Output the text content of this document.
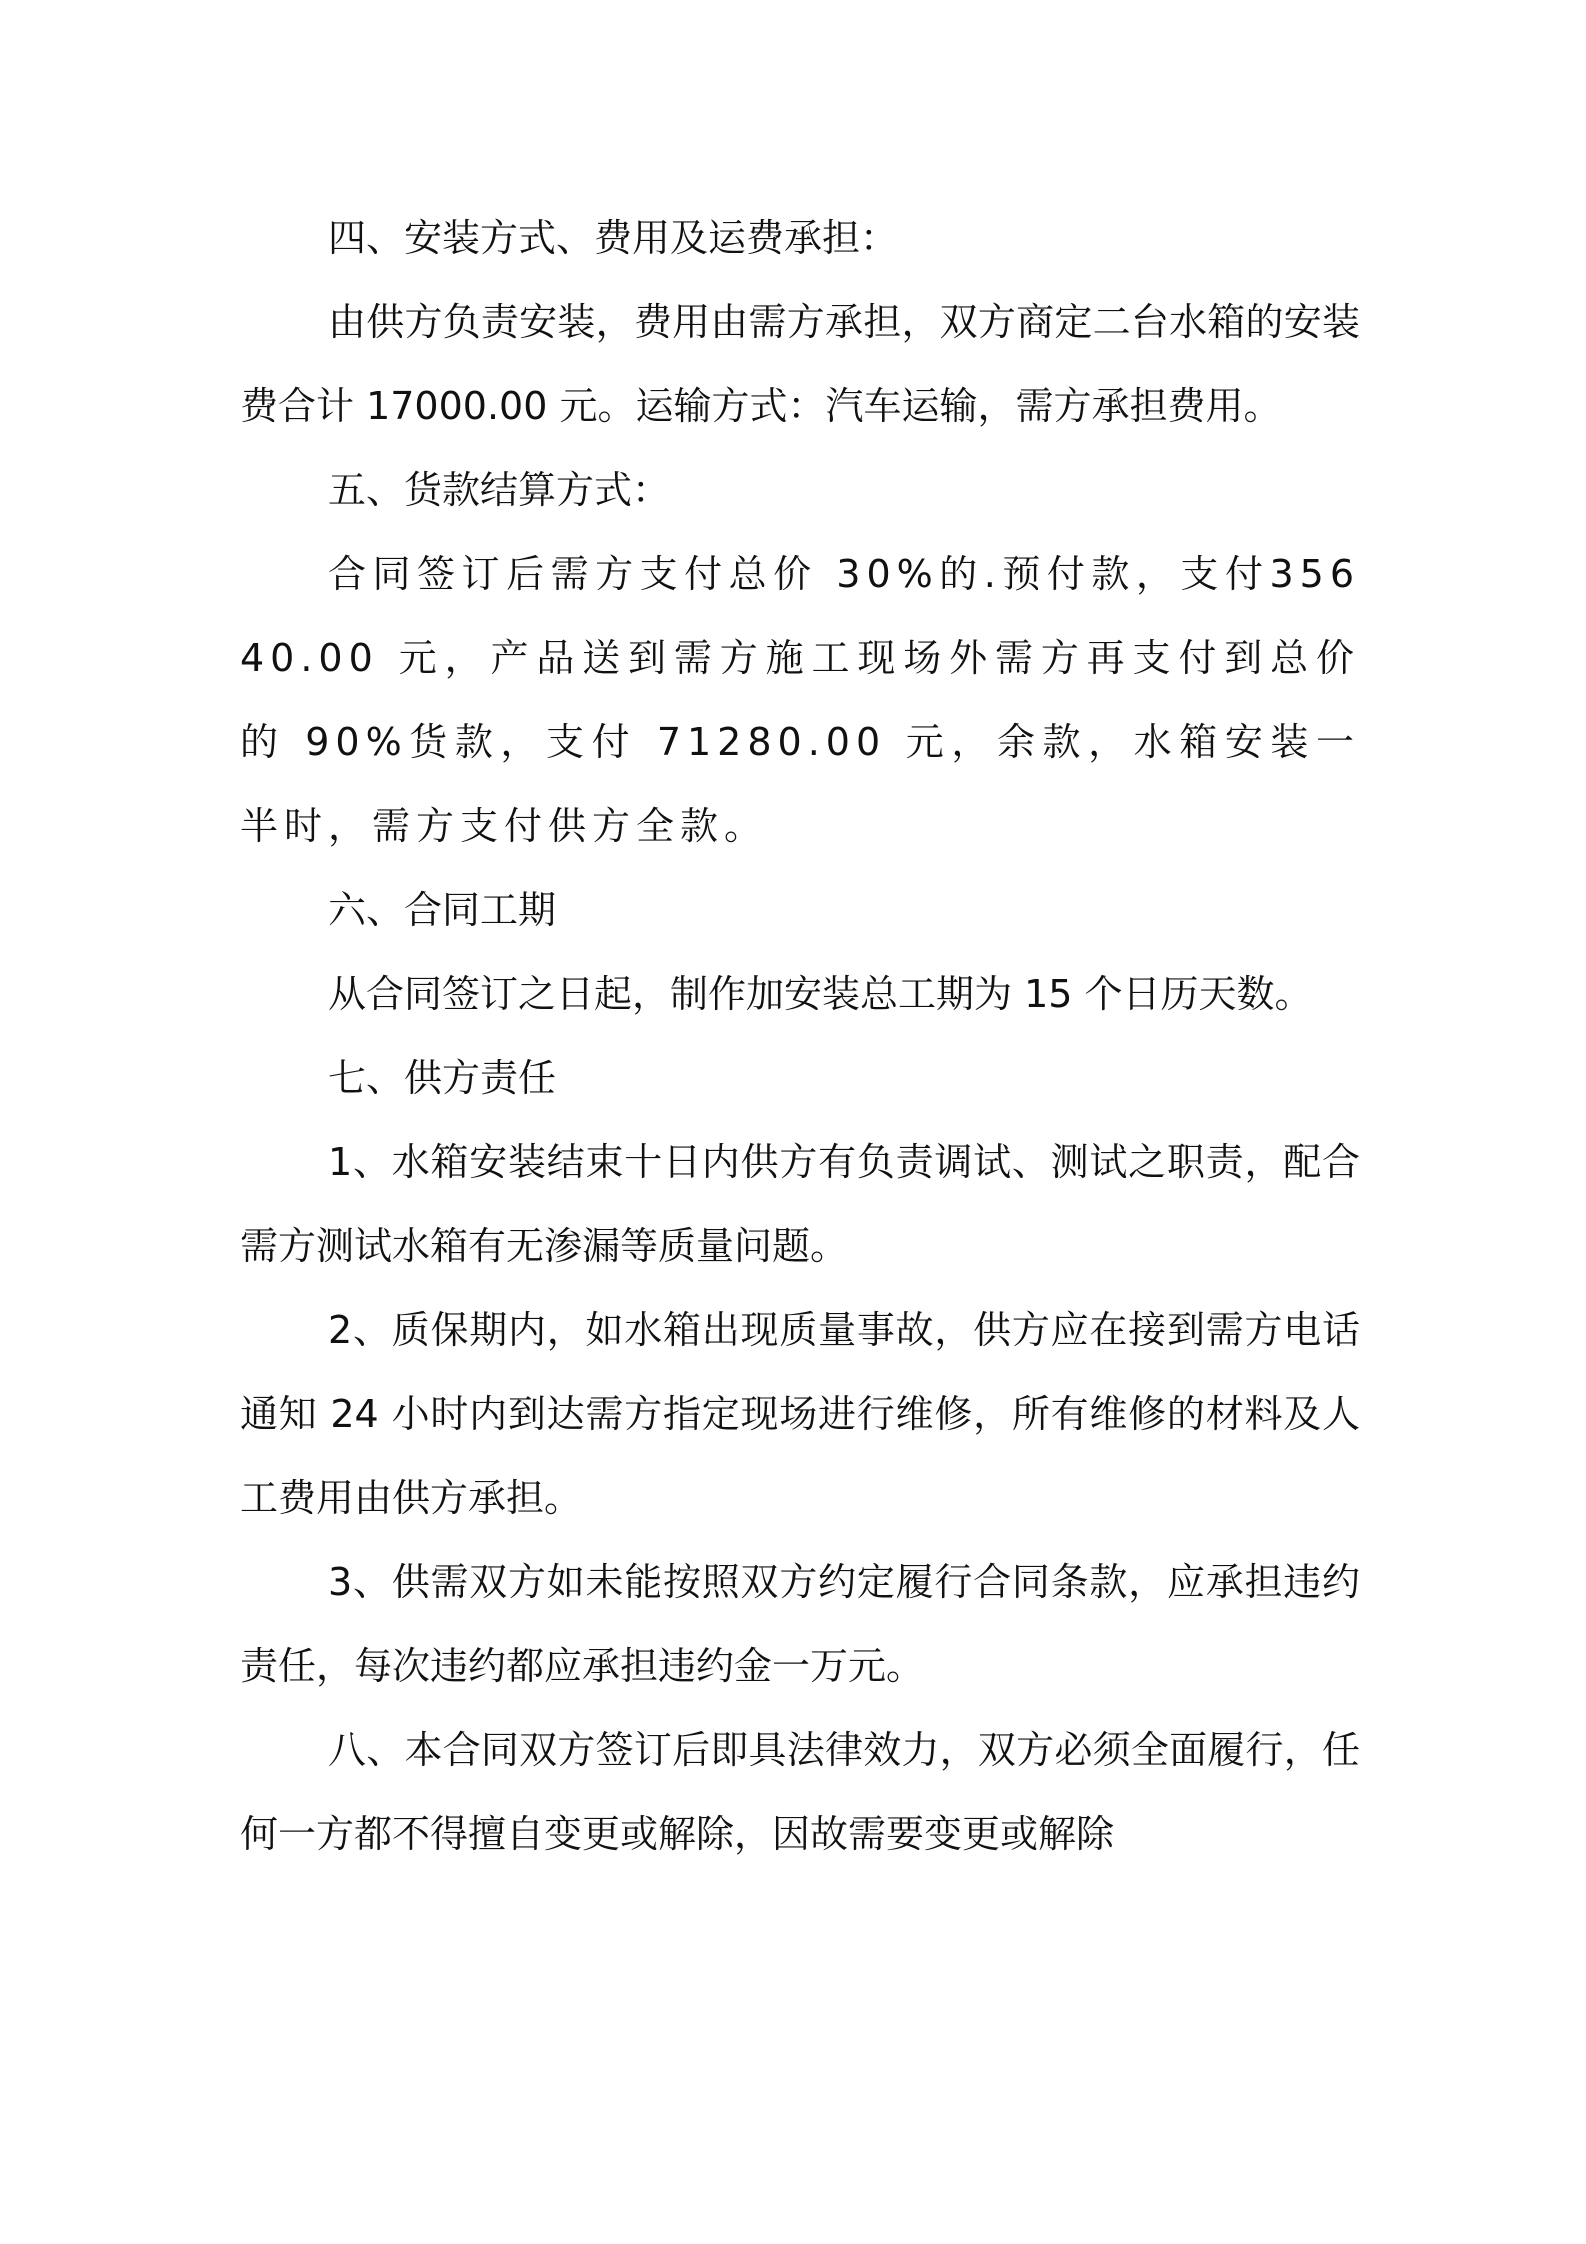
四、安装方式、费用及运费承担：

由供方负责安装，费用由需方承担，双方商定二台水箱的安装费合计 17000.00 元。运输方式：汽车运输，需方承担费用。

五、货款结算方式：

合同签订后需方支付总价 30%的.预付款，支付35640.00 元，产品送到需方施工现场外需方再支付到总价的 90%货款，支付 71280.00 元，余款，水箱安装一半时，需方支付供方全款。

六、合同工期

从合同签订之日起，制作加安装总工期为 15 个日历天数。

七、供方责任

1、水箱安装结束十日内供方有负责调试、测试之职责，配合需方测试水箱有无渗漏等质量问题。

2、质保期内，如水箱出现质量事故，供方应在接到需方电话通知 24 小时内到达需方指定现场进行维修，所有维修的材料及人工费用由供方承担。

3、供需双方如未能按照双方约定履行合同条款，应承担违约责任，每次违约都应承担违约金一万元。

八、本合同双方签订后即具法律效力，双方必须全面履行，任何一方都不得擅自变更或解除，因故需要变更或解除
